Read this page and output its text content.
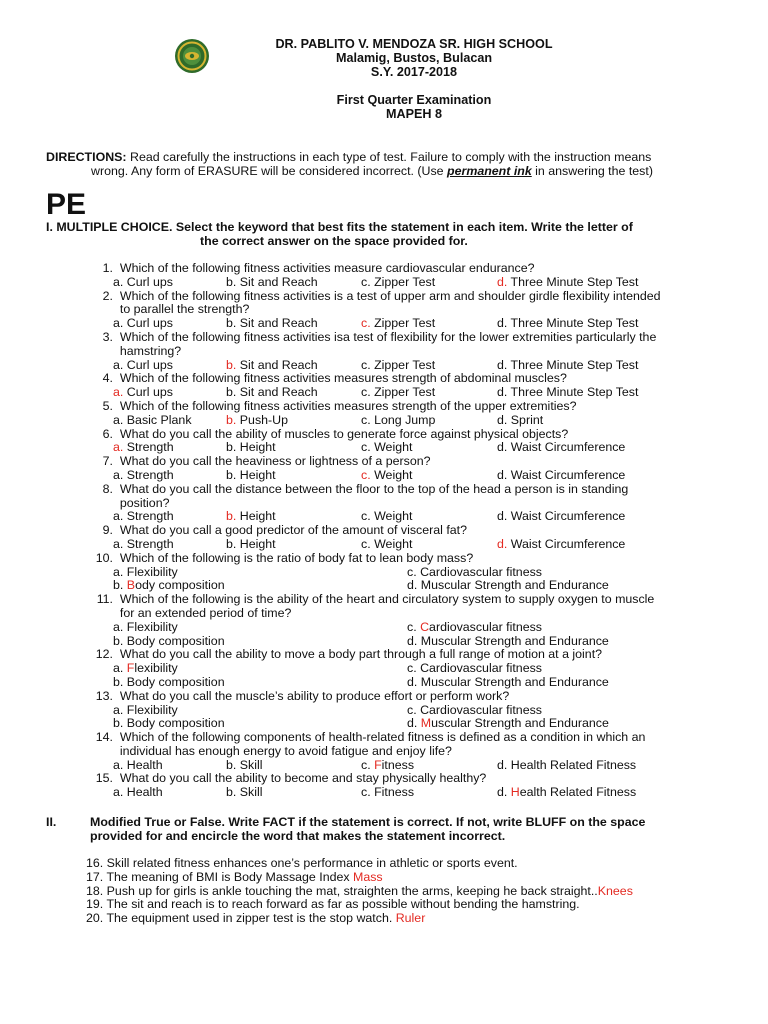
DR. PABLITO V. MENDOZA SR. HIGH SCHOOL
Malamig, Bustos, Bulacan
S.Y. 2017-2018
First Quarter Examination
MAPEH 8
DIRECTIONS: Read carefully the instructions in each type of test. Failure to comply with the instruction means
wrong. Any form of ERASURE will be considered incorrect. (Use permanent ink in answering the test)
PE
I. MULTIPLE CHOICE. Select the keyword that best fits the statement in each item. Write the letter of
the correct answer on the space provided for.
1. Which of the following fitness activities measure cardiovascular endurance?
a. Curl ups	b. Sit and Reach	c. Zipper Test	d. Three Minute Step Test
2. Which of the following fitness activities is a test of upper arm and shoulder girdle flexibility intended
to parallel the strength?
a. Curl ups	b. Sit and Reach	c. Zipper Test	d. Three Minute Step Test
3. Which of the following fitness activities isa test of flexibility for the lower extremities particularly the
hamstring?
a. Curl ups	b. Sit and Reach	c. Zipper Test	d. Three Minute Step Test
4. Which of the following fitness activities measures strength of abdominal muscles?
a. Curl ups	b. Sit and Reach	c. Zipper Test	d. Three Minute Step Test
5. Which of the following fitness activities measures strength of the upper extremities?
a. Basic Plank	b. Push-Up	c. Long Jump	d. Sprint
6. What do you call the ability of muscles to generate force against physical objects?
a. Strength	b. Height	c. Weight	d. Waist Circumference
7. What do you call the heaviness or lightness of a person?
a. Strength	b. Height	c. Weight	d. Waist Circumference
8. What do you call the distance between the floor to the top of the head a person is in standing
position?
a. Strength	b. Height	c. Weight	d. Waist Circumference
9. What do you call a good predictor of the amount of visceral fat?
a. Strength	b. Height	c. Weight	d. Waist Circumference
10. Which of the following is the ratio of body fat to lean body mass?
a. Flexibility	c. Cardiovascular fitness
b. Body composition	d. Muscular Strength and Endurance
11. Which of the following is the ability of the heart and circulatory system to supply oxygen to muscle
for an extended period of time?
a. Flexibility	c. Cardiovascular fitness
b. Body composition	d. Muscular Strength and Endurance
12. What do you call the ability to move a body part through a full range of motion at a joint?
a. Flexibility	c. Cardiovascular fitness
b. Body composition	d. Muscular Strength and Endurance
13. What do you call the muscle’s ability to produce effort or perform work?
a. Flexibility	c. Cardiovascular fitness
b. Body composition	d. Muscular Strength and Endurance
14. Which of the following components of health-related fitness is defined as a condition in which an
individual has enough energy to avoid fatigue and enjoy life?
a. Health	b. Skill	c. Fitness	d. Health Related Fitness
15. What do you call the ability to become and stay physically healthy?
a. Health	b. Skill	c. Fitness	d. Health Related Fitness
II.	Modified True or False. Write FACT if the statement is correct. If not, write BLUFF on the space
provided for and encircle the word that makes the statement incorrect.
16. Skill related fitness enhances one’s performance in athletic or sports event.
17. The meaning of BMI is Body Massage Index Mass
18. Push up for girls is ankle touching the mat, straighten the arms, keeping he back straight..Knees
19. The sit and reach is to reach forward as far as possible without bending the hamstring.
20. The equipment used in zipper test is the stop watch. Ruler
